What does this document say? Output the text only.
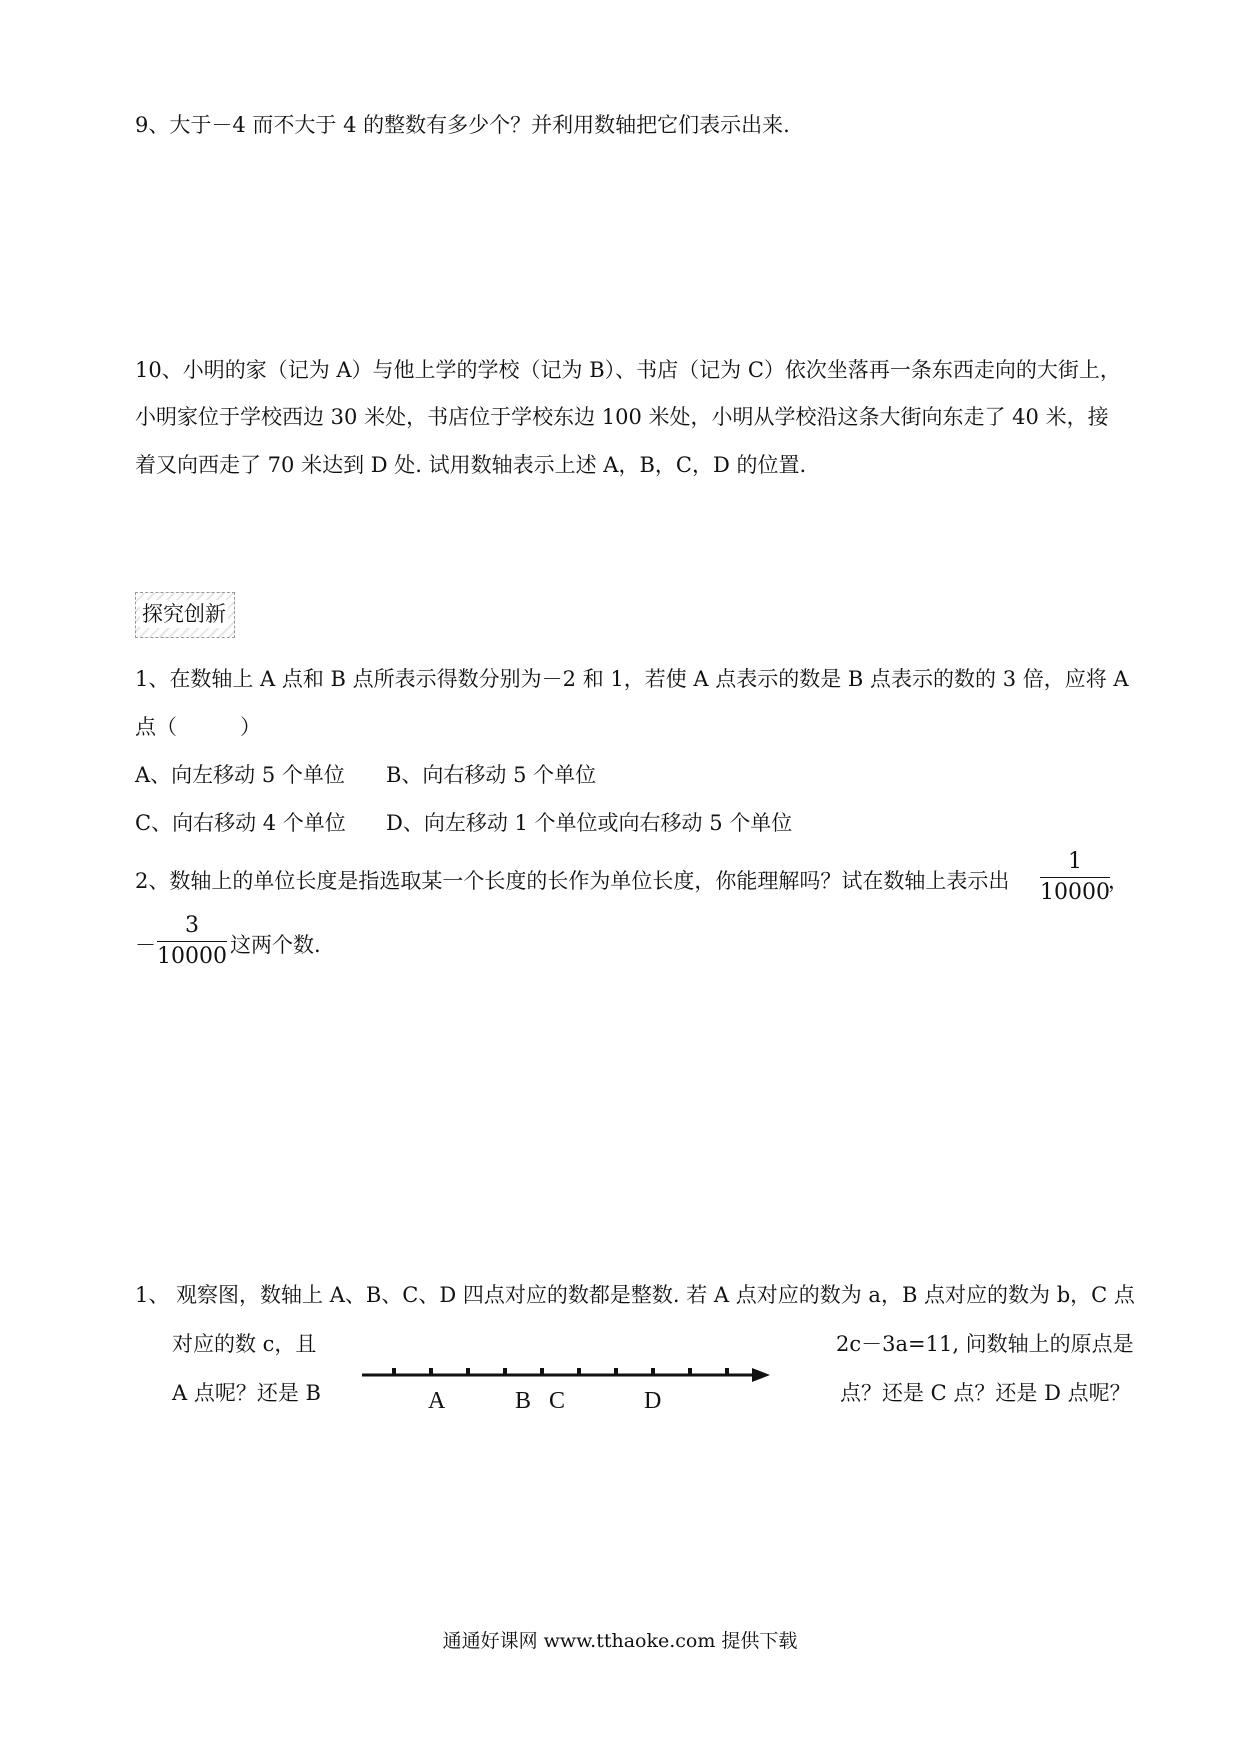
9、大于－4 而不大于 4 的整数有多少个？并利用数轴把它们表示出来.
10、小明的家（记为 A）与他上学的学校（记为 B）、书店（记为 C）依次坐落再一条东西走向的大街上，
小明家位于学校西边 30 米处，书店位于学校东边 100 米处，小明从学校沿这条大街向东走了 40 米，接
着又向西走了 70 米达到 D 处. 试用数轴表示上述 A，B，C，D 的位置.
探究创新
1、在数轴上 A 点和 B 点所表示得数分别为－2 和 1，若使 A 点表示的数是 B 点表示的数的 3 倍，应将 A
点（　　　）
A、向左移动 5 个单位 B、向右移动 5 个单位
C、向右移动 4 个单位 D、向左移动 1 个单位或向右移动 5 个单位
2、数轴上的单位长度是指选取某一个长度的长作为单位长度，你能理解吗？试在数轴上表示出
1
10000
，
－
3
10000 这两个数.
1、 观察图，数轴上 A、B、C、D 四点对应的数都是整数. 若 A 点对应的数为 a，B 点对应的数为 b，C 点
对应的数 c，且	2c－3a=11, 问数轴上的原点是
A 点呢？还是 B	点？还是 C 点？还是 D 点呢？
A	B C	D
通通好课网 www.tthaoke.com 提供下载
